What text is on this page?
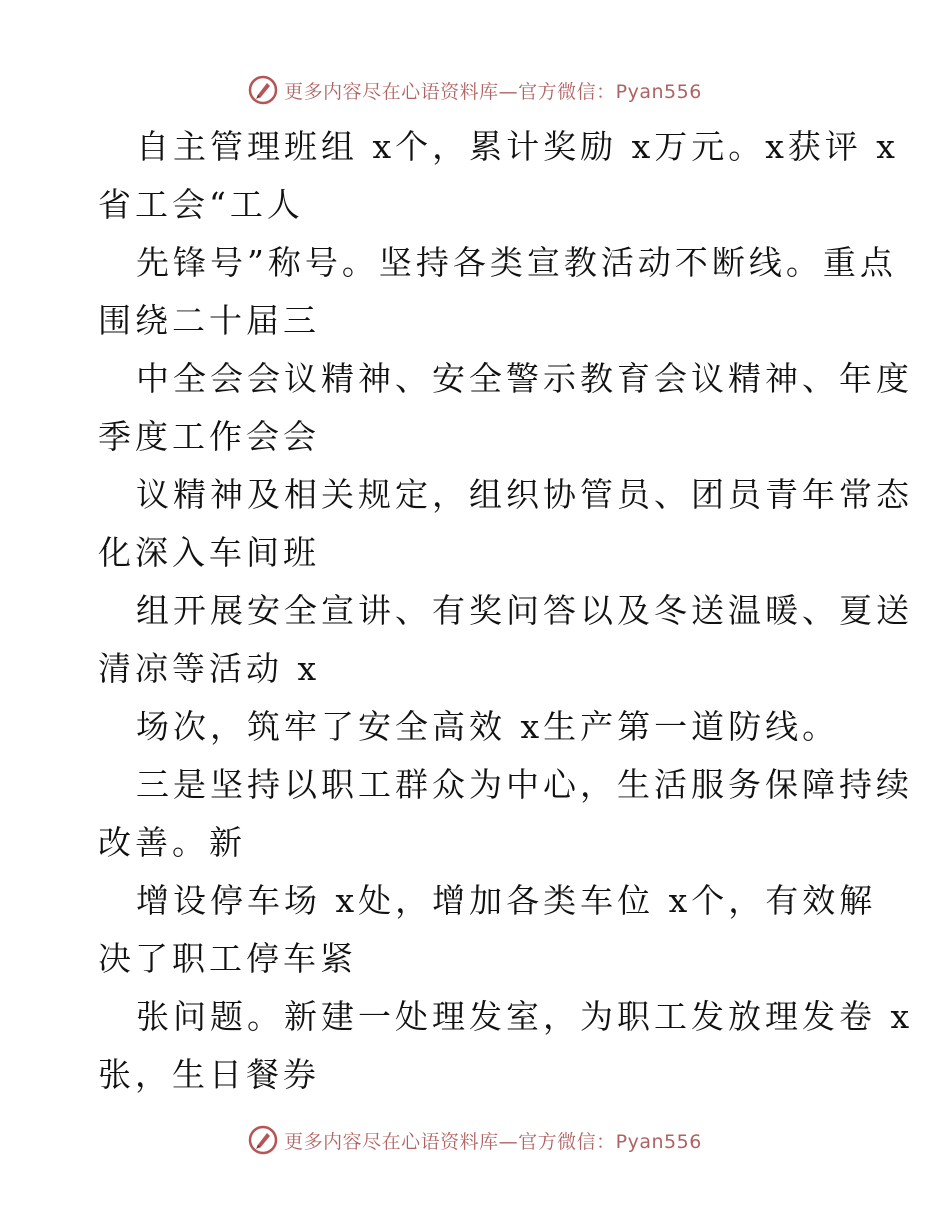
更多内容尽在心语资料库—官方微信：Pyan556
自主管理班组 x个，累计奖励 x万元。x获评 x
省工会“工人
先锋号”称号。坚持各类宣教活动不断线。重点
围绕二十届三
中全会会议精神、安全警示教育会议精神、年度
季度工作会会
议精神及相关规定，组织协管员、团员青年常态
化深入车间班
组开展安全宣讲、有奖问答以及冬送温暖、夏送
清凉等活动 x
场次，筑牢了安全高效 x生产第一道防线。
三是坚持以职工群众为中心，生活服务保障持续
改善。新
增设停车场 x处，增加各类车位 x个，有效解
决了职工停车紧
张问题。新建一处理发室，为职工发放理发卷 x
张，生日餐券
更多内容尽在心语资料库—官方微信：Pyan556
